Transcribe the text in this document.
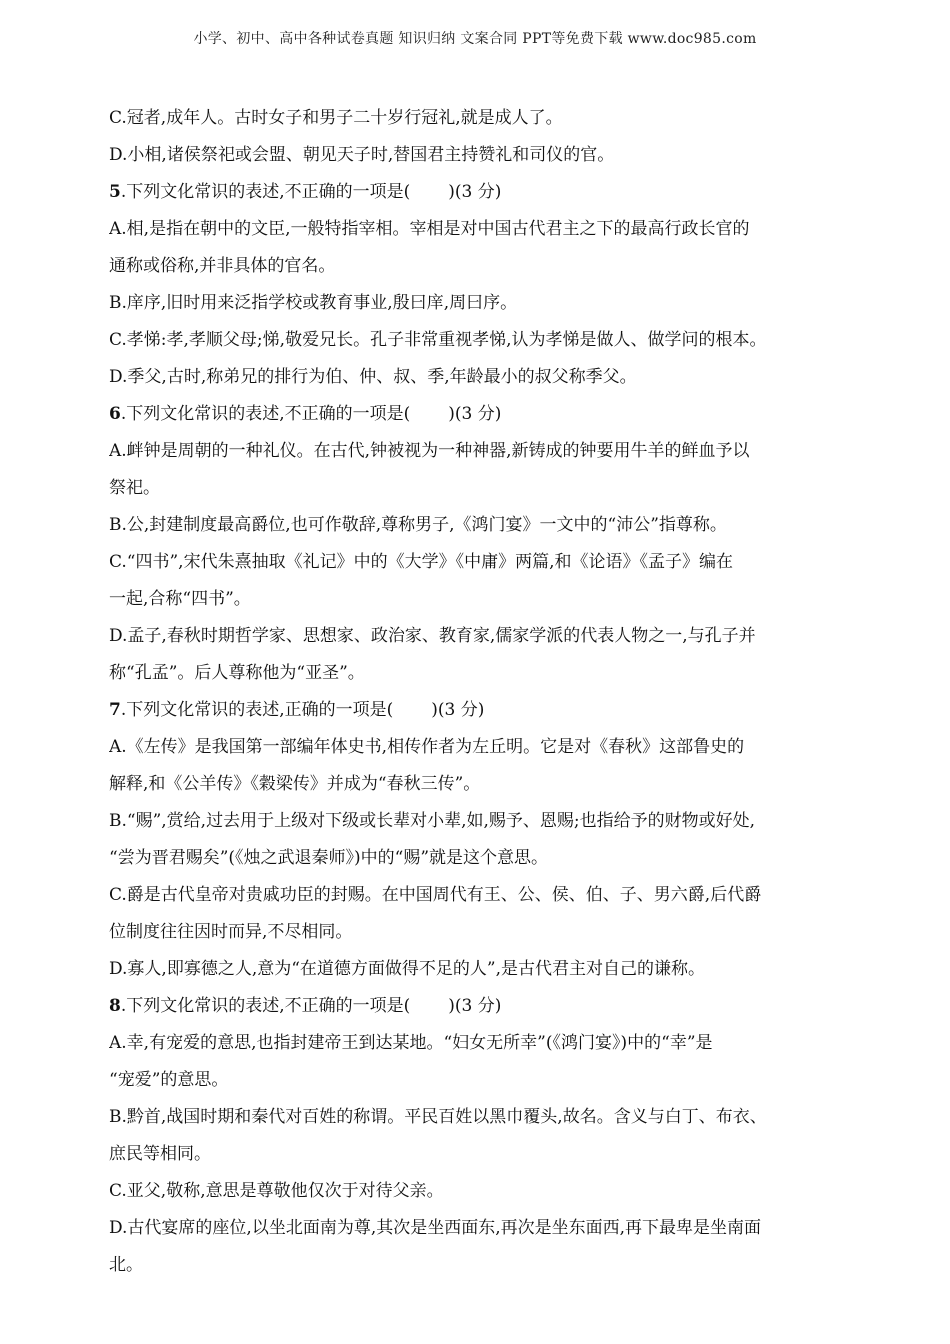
小学、初中、高中各种试卷真题 知识归纳 文案合同 PPT等免费下载 www.doc985.com
C.冠者,成年人。古时女子和男子二十岁行冠礼,就是成人了。
D.小相,诸侯祭祀或会盟、朝见天子时,替国君主持赞礼和司仪的官。
5.下列文化常识的表述,不正确的一项是( )(3 分)
A.相,是指在朝中的文臣,一般特指宰相。宰相是对中国古代君主之下的最高行政长官的
通称或俗称,并非具体的官名。
B.庠序,旧时用来泛指学校或教育事业,殷曰庠,周曰序。
C.孝悌:孝,孝顺父母;悌,敬爱兄长。孔子非常重视孝悌,认为孝悌是做人、做学问的根本。
D.季父,古时,称弟兄的排行为伯、仲、叔、季,年龄最小的叔父称季父。
6.下列文化常识的表述,不正确的一项是( )(3 分)
A.衅钟是周朝的一种礼仪。在古代,钟被视为一种神器,新铸成的钟要用牛羊的鲜血予以
祭祀。
B.公,封建制度最高爵位,也可作敬辞,尊称男子,《鸿门宴》一文中的“沛公”指尊称。
C.“四书”,宋代朱熹抽取《礼记》中的《大学》《中庸》两篇,和《论语》《孟子》编在
一起,合称“四书”。
D.孟子,春秋时期哲学家、思想家、政治家、教育家,儒家学派的代表人物之一,与孔子并
称“孔孟”。后人尊称他为“亚圣”。
7.下列文化常识的表述,正确的一项是( )(3 分)
A.《左传》是我国第一部编年体史书,相传作者为左丘明。它是对《春秋》这部鲁史的
解释,和《公羊传》《穀梁传》并成为“春秋三传”。
B.“赐”,赏给,过去用于上级对下级或长辈对小辈,如,赐予、恩赐;也指给予的财物或好处,
“尝为晋君赐矣”(《烛之武退秦师》)中的“赐”就是这个意思。
C.爵是古代皇帝对贵戚功臣的封赐。在中国周代有王、公、侯、伯、子、男六爵,后代爵
位制度往往因时而异,不尽相同。
D.寡人,即寡德之人,意为“在道德方面做得不足的人”,是古代君主对自己的谦称。
8.下列文化常识的表述,不正确的一项是( )(3 分)
A.幸,有宠爱的意思,也指封建帝王到达某地。“妇女无所幸”(《鸿门宴》)中的“幸”是
“宠爱”的意思。
B.黔首,战国时期和秦代对百姓的称谓。平民百姓以黑巾覆头,故名。含义与白丁、布衣、
庶民等相同。
C.亚父,敬称,意思是尊敬他仅次于对待父亲。
D.古代宴席的座位,以坐北面南为尊,其次是坐西面东,再次是坐东面西,再下最卑是坐南面
北。
